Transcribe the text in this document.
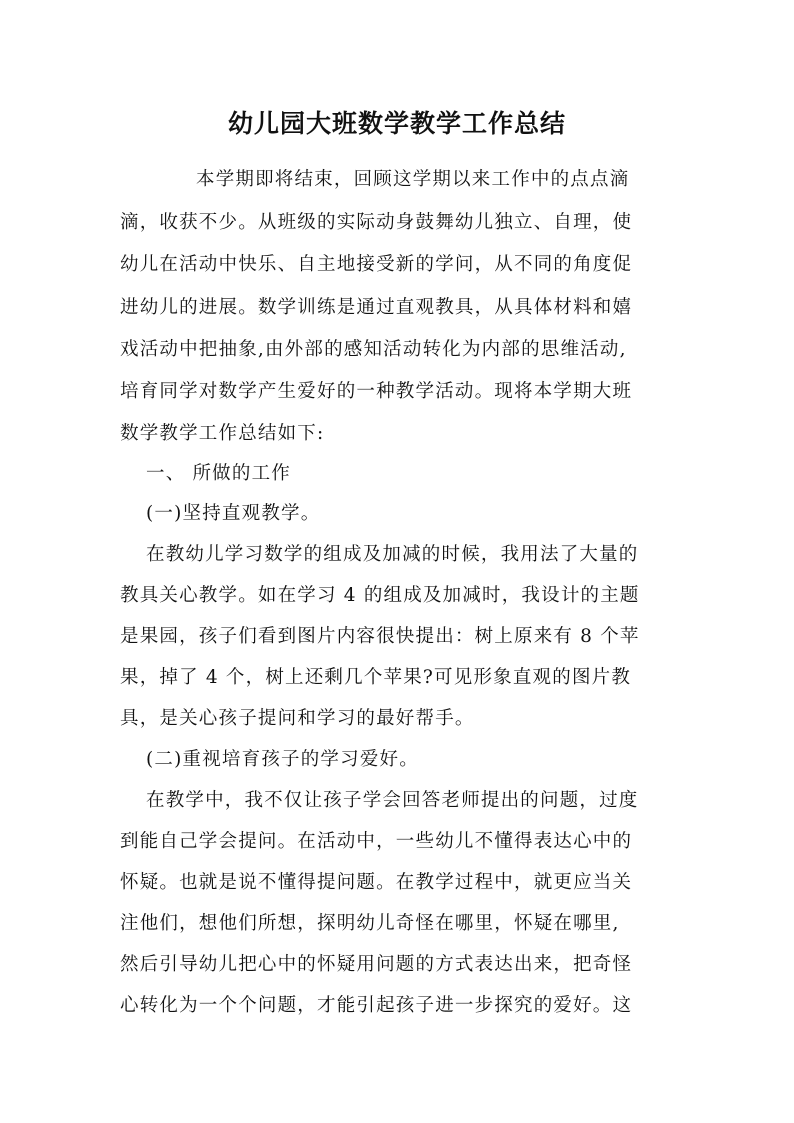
幼儿园大班数学教学工作总结

本学期即将结束，回顾这学期以来工作中的点点滴

滴，收获不少。从班级的实际动身鼓舞幼儿独立、自理，使

幼儿在活动中快乐、自主地接受新的学问，从不同的角度促

进幼儿的进展。数学训练是通过直观教具，从具体材料和嬉

戏活动中把抽象,由外部的感知活动转化为内部的思维活动,

培育同学对数学产生爱好的一种教学活动。现将本学期大班

数学教学工作总结如下:

一、 所做的工作

(一)坚持直观教学。

在教幼儿学习数学的组成及加减的时候，我用法了大量的

教具关心教学。如在学习 4 的组成及加减时，我设计的主题

是果园，孩子们看到图片内容很快提出：树上原来有 8 个苹

果，掉了 4 个，树上还剩几个苹果?可见形象直观的图片教

具，是关心孩子提问和学习的最好帮手。

(二)重视培育孩子的学习爱好。

在教学中，我不仅让孩子学会回答老师提出的问题，过度

到能自己学会提问。在活动中，一些幼儿不懂得表达心中的

怀疑。也就是说不懂得提问题。在教学过程中，就更应当关

注他们，想他们所想，探明幼儿奇怪在哪里，怀疑在哪里,

然后引导幼儿把心中的怀疑用问题的方式表达出来，把奇怪

心转化为一个个问题，才能引起孩子进一步探究的爱好。这
